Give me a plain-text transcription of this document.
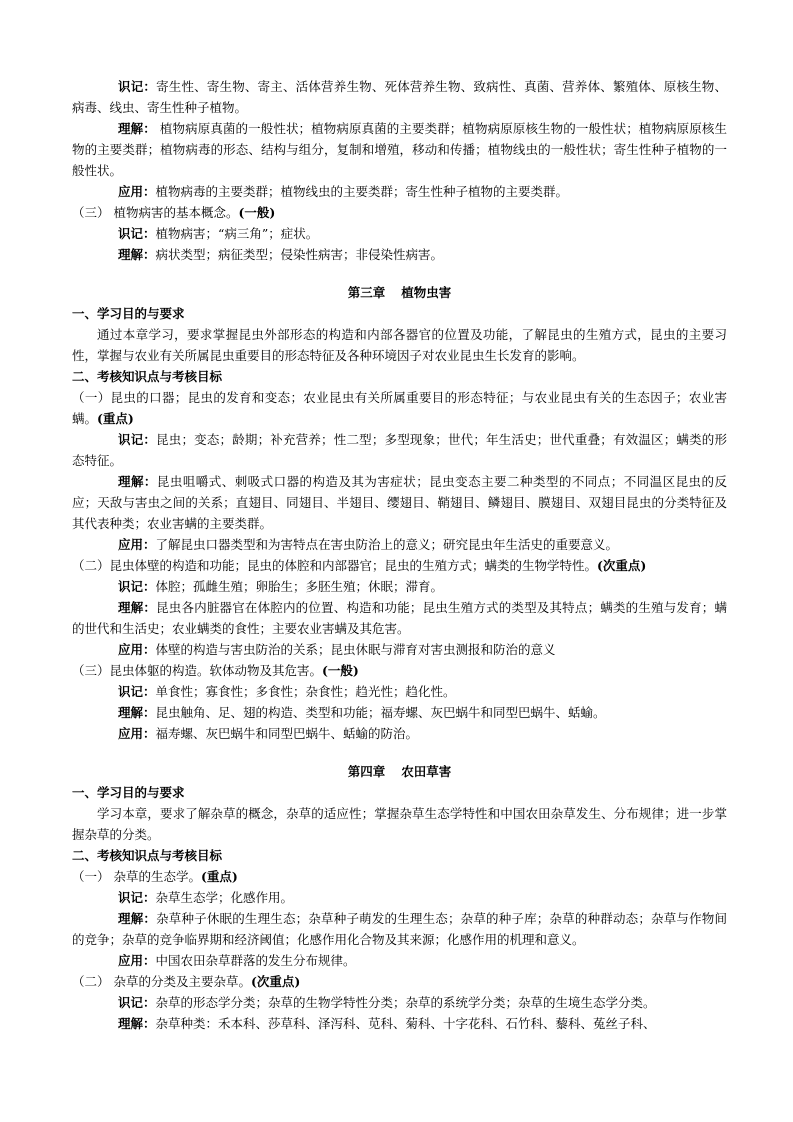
识记：寄生性、寄生物、寄主、活体营养生物、死体营养生物、致病性、真菌、营养体、繁殖体、原核生物、病毒、线虫、寄生性种子植物。

理解： 植物病原真菌的一般性状；植物病原真菌的主要类群；植物病原原核生物的一般性状；植物病原原核生物的主要类群；植物病毒的形态、结构与组分，复制和增殖，移动和传播；植物线虫的一般性状；寄生性种子植物的一般性状。

应用：植物病毒的主要类群；植物线虫的主要类群；寄生性种子植物的主要类群。

（三） 植物病害的基本概念。(一般)

识记：植物病害；“病三角”；症状。

理解：病状类型；病征类型；侵染性病害；非侵染性病害。

第三章 植物虫害

一、学习目的与要求

通过本章学习，要求掌握昆虫外部形态的构造和内部各器官的位置及功能，了解昆虫的生殖方式，昆虫的主要习性，掌握与农业有关所属昆虫重要目的形态特征及各种环境因子对农业昆虫生长发育的影响。

二、考核知识点与考核目标

（一）昆虫的口器；昆虫的发育和变态；农业昆虫有关所属重要目的形态特征；与农业昆虫有关的生态因子；农业害螨。(重点)

识记：昆虫；变态；龄期；补充营养；性二型；多型现象；世代；年生活史；世代重叠；有效温区；螨类的形态特征。

理解：昆虫咀嚼式、刺吸式口器的构造及其为害症状；昆虫变态主要二种类型的不同点；不同温区昆虫的反应；天敌与害虫之间的关系；直翅目、同翅目、半翅目、缨翅目、鞘翅目、鳞翅目、膜翅目、双翅目昆虫的分类特征及其代表种类；农业害螨的主要类群。

应用：了解昆虫口器类型和为害特点在害虫防治上的意义；研究昆虫年生活史的重要意义。

（二）昆虫体壁的构造和功能；昆虫的体腔和内部器官；昆虫的生殖方式；螨类的生物学特性。(次重点)

识记：体腔；孤雌生殖；卵胎生；多胚生殖；休眠；滞育。

理解：昆虫各内脏器官在体腔内的位置、构造和功能；昆虫生殖方式的类型及其特点；螨类的生殖与发育；螨的世代和生活史；农业螨类的食性；主要农业害螨及其危害。

应用：体壁的构造与害虫防治的关系；昆虫休眠与滞育对害虫测报和防治的意义

（三）昆虫体躯的构造。软体动物及其危害。(一般)

识记：单食性；寡食性；多食性；杂食性；趋光性；趋化性。

理解：昆虫触角、足、翅的构造、类型和功能；福寿螺、灰巴蜗牛和同型巴蜗牛、蛞蝓。

应用：福寿螺、灰巴蜗牛和同型巴蜗牛、蛞蝓的防治。

第四章 农田草害

一、学习目的与要求

学习本章，要求了解杂草的概念，杂草的适应性；掌握杂草生态学特性和中国农田杂草发生、分布规律；进一步掌握杂草的分类。

二、考核知识点与考核目标

（一） 杂草的生态学。(重点)

识记：杂草生态学；化感作用。

理解：杂草种子休眠的生理生态；杂草种子萌发的生理生态；杂草的种子库；杂草的种群动态；杂草与作物间的竞争；杂草的竞争临界期和经济阈值；化感作用化合物及其来源；化感作用的机理和意义。

应用：中国农田杂草群落的发生分布规律。

（二） 杂草的分类及主要杂草。(次重点)

识记：杂草的形态学分类；杂草的生物学特性分类；杂草的系统学分类；杂草的生境生态学分类。

理解：杂草种类：禾本科、莎草科、泽泻科、苋科、菊科、十字花科、石竹科、藜科、菟丝子科、
